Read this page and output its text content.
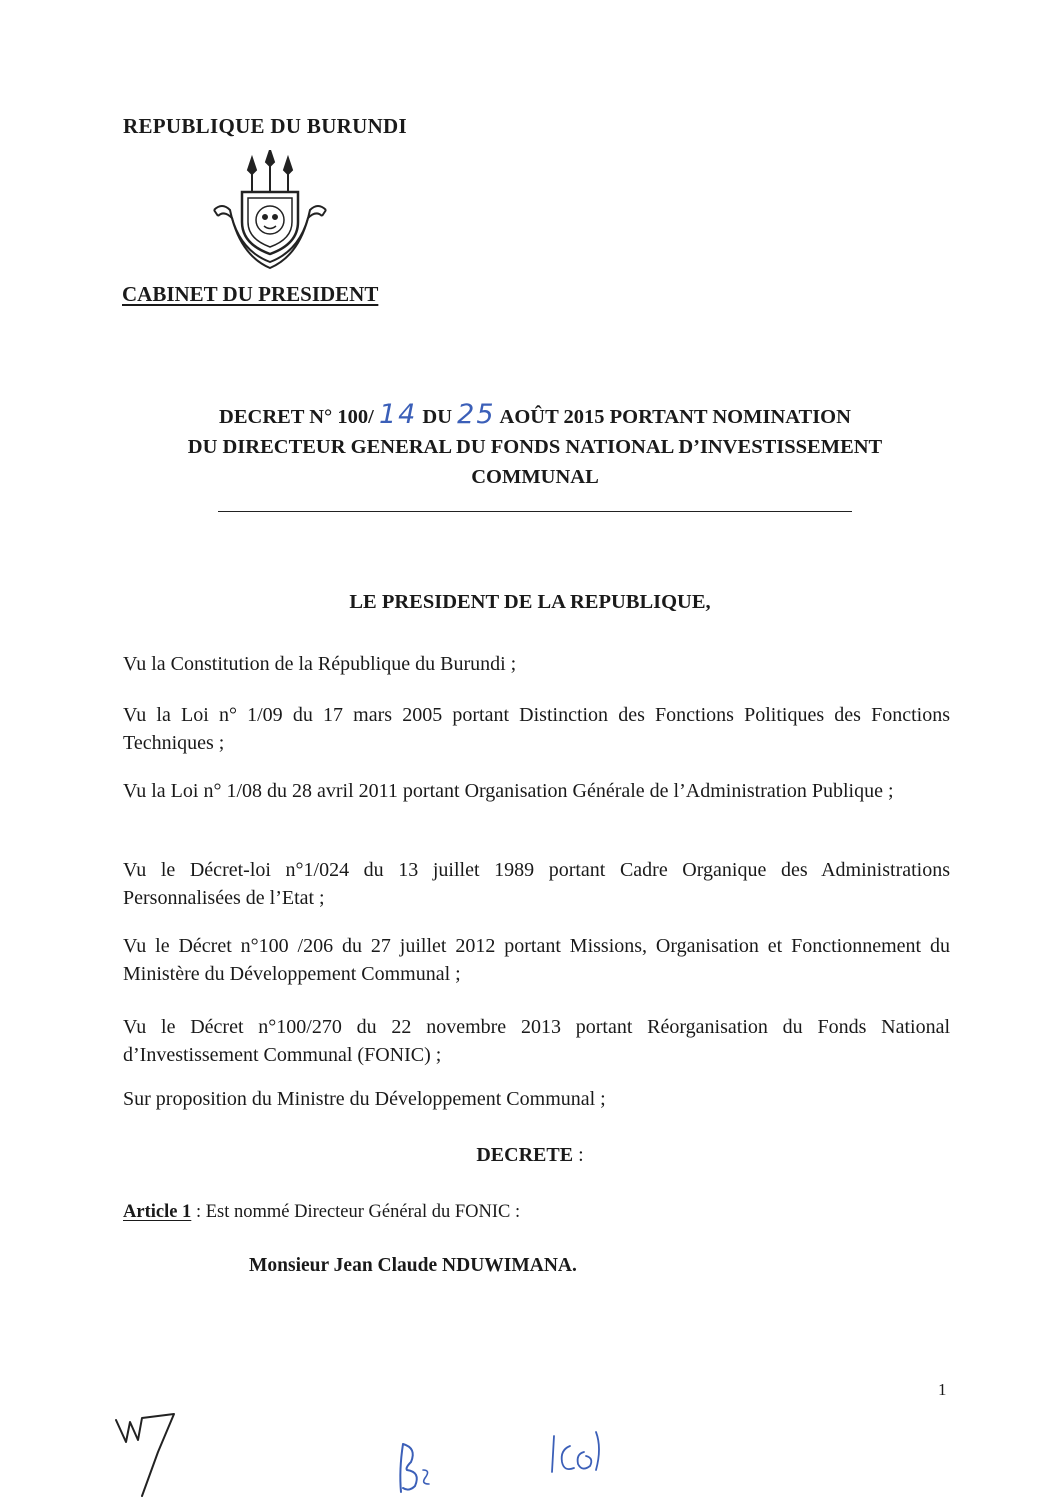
REPUBLIQUE DU BURUNDI
CABINET DU PRESIDENT
DECRET N° 100/ 14 DU 25 AOÛT 2015 PORTANT NOMINATION
DU DIRECTEUR GENERAL DU FONDS NATIONAL D’INVESTISSEMENT
COMMUNAL
LE PRESIDENT DE LA REPUBLIQUE,
Vu la Constitution de la République du Burundi ;
Vu la Loi n° 1/09 du 17 mars 2005 portant Distinction des Fonctions Politiques des Fonctions Techniques ;
Vu la Loi n° 1/08 du 28 avril 2011 portant Organisation Générale de l’Administration Publique ;
Vu le Décret-loi n°1/024 du 13 juillet 1989 portant Cadre Organique des Administrations Personnalisées de l’Etat ;
Vu le Décret n°100 /206 du 27 juillet 2012 portant Missions, Organisation et Fonctionnement du Ministère du Développement Communal ;
Vu le Décret n°100/270 du 22 novembre 2013 portant Réorganisation du Fonds National d’Investissement Communal (FONIC) ;
Sur proposition du Ministre du Développement Communal ;
DECRETE :
Article 1 : Est nommé Directeur Général du FONIC :
Monsieur Jean Claude NDUWIMANA.
1
